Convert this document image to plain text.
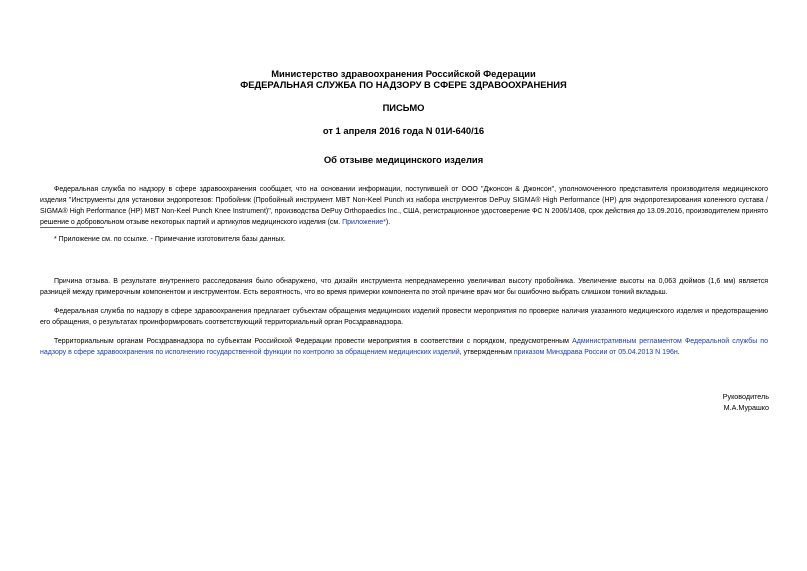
Министерство здравоохранения Российской Федерации
ФЕДЕРАЛЬНАЯ СЛУЖБА ПО НАДЗОРУ В СФЕРЕ ЗДРАВООХРАНЕНИЯ
ПИСЬМО
от 1 апреля 2016 года N 01И-640/16
Об отзыве медицинского изделия
Федеральная служба по надзору в сфере здравоохранения сообщает, что на основании информации, поступившей от ООО "Джонсон & Джонсон", уполномоченного представителя производителя медицинского изделия "Инструменты для установки эндопротезов: Пробойник (Пробойный инструмент MBT Non-Keel Punch из набора инструментов DePuy SIGMA® High Performance (HP) для эндопротезирования коленного сустава / SIGMA® High Performance (HP) MBT Non-Keel Punch Knee Instrument)", производства DePuy Orthopaedics Inc., США, регистрационное удостоверение ФС N 2006/1408, срок действия до 13.09.2016, производителем принято решение о добровольном отзыве некоторых партий и артикулов медицинского изделия (см. Приложение*).
* Приложение см. по ссылке. - Примечание изготовителя базы данных.
Причина отзыва. В результате внутреннего расследования было обнаружено, что дизайн инструмента непреднамеренно увеличивал высоту пробойника. Увеличение высоты на 0,063 дюймов (1,6 мм) является разницей между примерочным компонентом и инструментом. Есть вероятность, что во время примерки компонента по этой причине врач мог бы ошибочно выбрать слишком тонкий вкладыш.
Федеральная служба по надзору в сфере здравоохранения предлагает субъектам обращения медицинских изделий провести мероприятия по проверке наличия указанного медицинского изделия и предотвращению его обращения, о результатах проинформировать соответствующий территориальный орган Росздравнадзора.
Территориальным органам Росздравнадзора по субъектам Российской Федерации провести мероприятия в соответствии с порядком, предусмотренным Административным регламентом Федеральной службы по надзору в сфере здравоохранения по исполнению государственной функции по контролю за обращением медицинских изделий, утвержденным приказом Минздрава России от 05.04.2013 N 196н.
Руководитель
М.А.Мурашко
